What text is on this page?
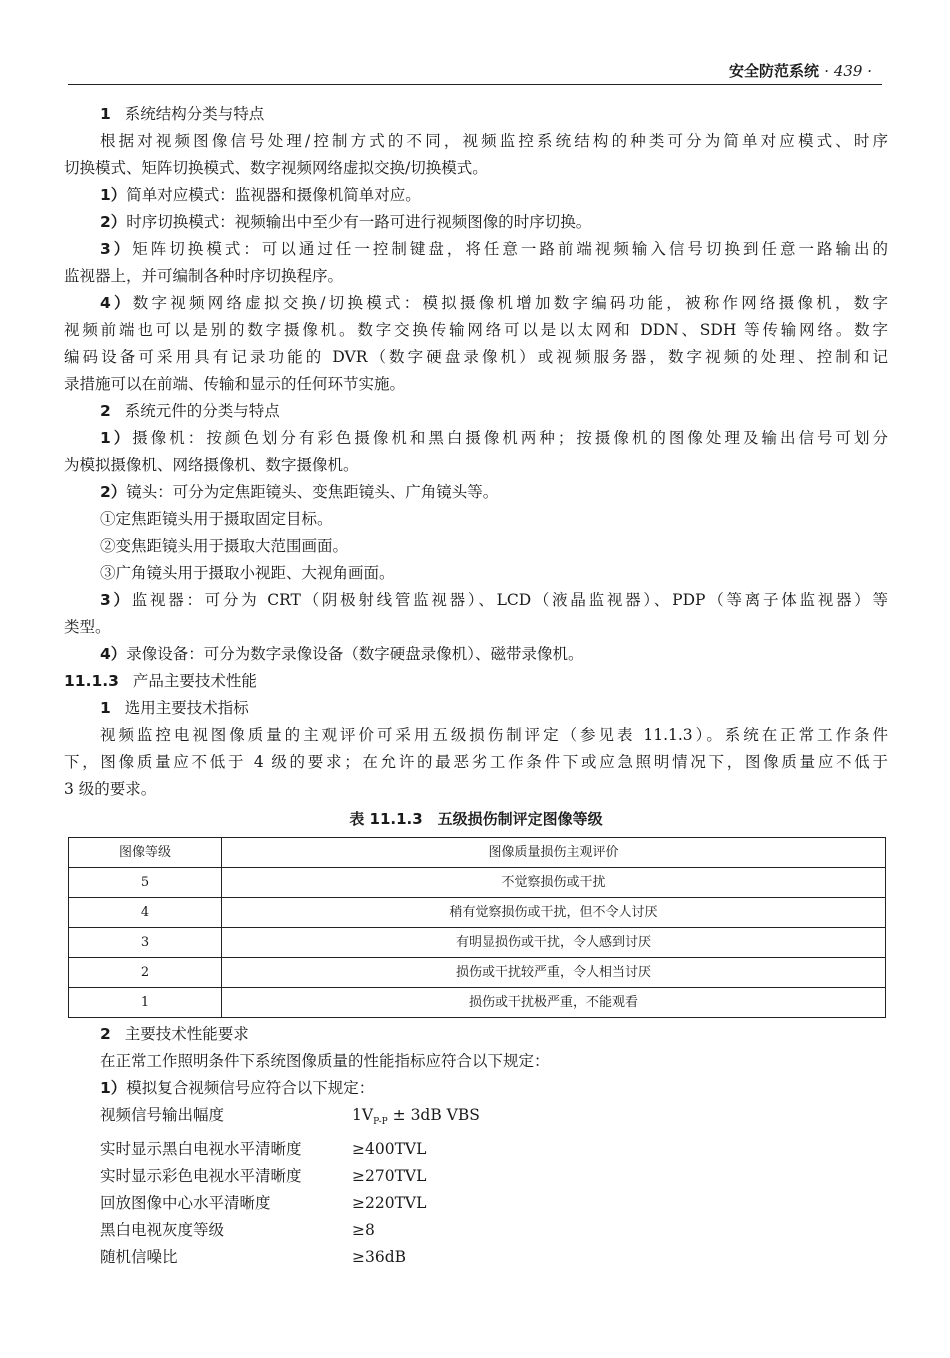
安全防范系统 · 439 ·
1 系统结构分类与特点
根据对视频图像信号处理/控制方式的不同，视频监控系统结构的种类可分为简单对应模式、时序
切换模式、矩阵切换模式、数字视频网络虚拟交换/切换模式。
1）简单对应模式：监视器和摄像机简单对应。
2）时序切换模式：视频输出中至少有一路可进行视频图像的时序切换。
3）矩阵切换模式：可以通过任一控制键盘，将任意一路前端视频输入信号切换到任意一路输出的
监视器上，并可编制各种时序切换程序。
4）数字视频网络虚拟交换/切换模式：模拟摄像机增加数字编码功能，被称作网络摄像机，数字
视频前端也可以是别的数字摄像机。数字交换传输网络可以是以太网和 DDN、SDH 等传输网络。数字
编码设备可采用具有记录功能的 DVR（数字硬盘录像机）或视频服务器，数字视频的处理、控制和记
录措施可以在前端、传输和显示的任何环节实施。
2 系统元件的分类与特点
1）摄像机：按颜色划分有彩色摄像机和黑白摄像机两种；按摄像机的图像处理及输出信号可划分
为模拟摄像机、网络摄像机、数字摄像机。
2）镜头：可分为定焦距镜头、变焦距镜头、广角镜头等。
①定焦距镜头用于摄取固定目标。
②变焦距镜头用于摄取大范围画面。
③广角镜头用于摄取小视距、大视角画面。
3）监视器：可分为 CRT（阴极射线管监视器）、LCD（液晶监视器）、PDP（等离子体监视器）等
类型。
4）录像设备：可分为数字录像设备（数字硬盘录像机）、磁带录像机。
11.1.3 产品主要技术性能
1 选用主要技术指标
视频监控电视图像质量的主观评价可采用五级损伤制评定（参见表 11.1.3）。系统在正常工作条件
下，图像质量应不低于 4 级的要求；在允许的最恶劣工作条件下或应急照明情况下，图像质量应不低于
3 级的要求。
表 11.1.3　五级损伤制评定图像等级
图像等级	图像质量损伤主观评价
5	不觉察损伤或干扰
4	稍有觉察损伤或干扰，但不令人讨厌
3	有明显损伤或干扰，令人感到讨厌
2	损伤或干扰较严重，令人相当讨厌
1	损伤或干扰极严重，不能观看
2 主要技术性能要求
在正常工作照明条件下系统图像质量的性能指标应符合以下规定：
1）模拟复合视频信号应符合以下规定：
视频信号输出幅度	$1V_{P-P} \pm 3dB$ VBS
实时显示黑白电视水平清晰度	≥400TVL
实时显示彩色电视水平清晰度	≥270TVL
回放图像中心水平清晰度	≥220TVL
黑白电视灰度等级	≥8
随机信噪比	≥36dB
